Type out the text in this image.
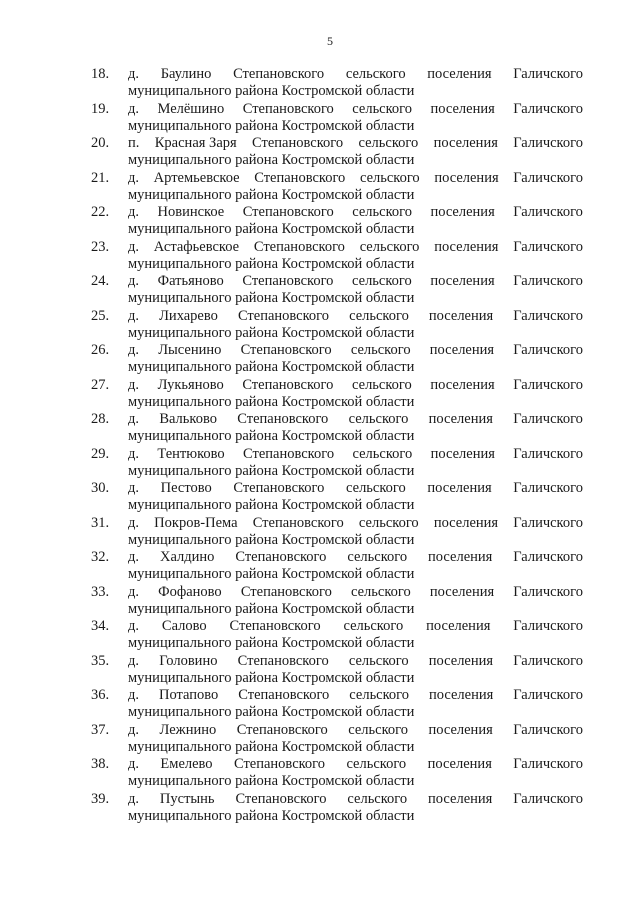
5
18. д. Баулино Степановского сельского поселения Галичского
муниципального района Костромской области
19. д. Мелёшино Степановского сельского поселения Галичского
муниципального района Костромской области
20. п. Красная Заря Степановского сельского поселения Галичского
муниципального района Костромской области
21. д. Артемьевское Степановского сельского поселения Галичского
муниципального района Костромской области
22. д. Новинское Степановского сельского поселения Галичского
муниципального района Костромской области
23. д. Астафьевское Степановского сельского поселения Галичского
муниципального района Костромской области
24. д. Фатьяново Степановского сельского поселения Галичского
муниципального района Костромской области
25. д. Лихарево Степановского сельского поселения Галичского
муниципального района Костромской области
26. д. Лысенино Степановского сельского поселения Галичского
муниципального района Костромской области
27. д. Лукьяново Степановского сельского поселения Галичского
муниципального района Костромской области
28. д. Вальково Степановского сельского поселения Галичского
муниципального района Костромской области
29. д. Тентюково Степановского сельского поселения Галичского
муниципального района Костромской области
30. д. Пестово Степановского сельского поселения Галичского
муниципального района Костромской области
31. д. Покров-Пема Степановского сельского поселения Галичского
муниципального района Костромской области
32. д. Халдино Степановского сельского поселения Галичского
муниципального района Костромской области
33. д. Фофаново Степановского сельского поселения Галичского
муниципального района Костромской области
34. д. Салово Степановского сельского поселения Галичского
муниципального района Костромской области
35. д. Головино Степановского сельского поселения Галичского
муниципального района Костромской области
36. д. Потапово Степановского сельского поселения Галичского
муниципального района Костромской области
37. д. Лежнино Степановского сельского поселения Галичского
муниципального района Костромской области
38. д. Емелево Степановского сельского поселения Галичского
муниципального района Костромской области
39. д. Пустынь Степановского сельского поселения Галичского
муниципального района Костромской области
